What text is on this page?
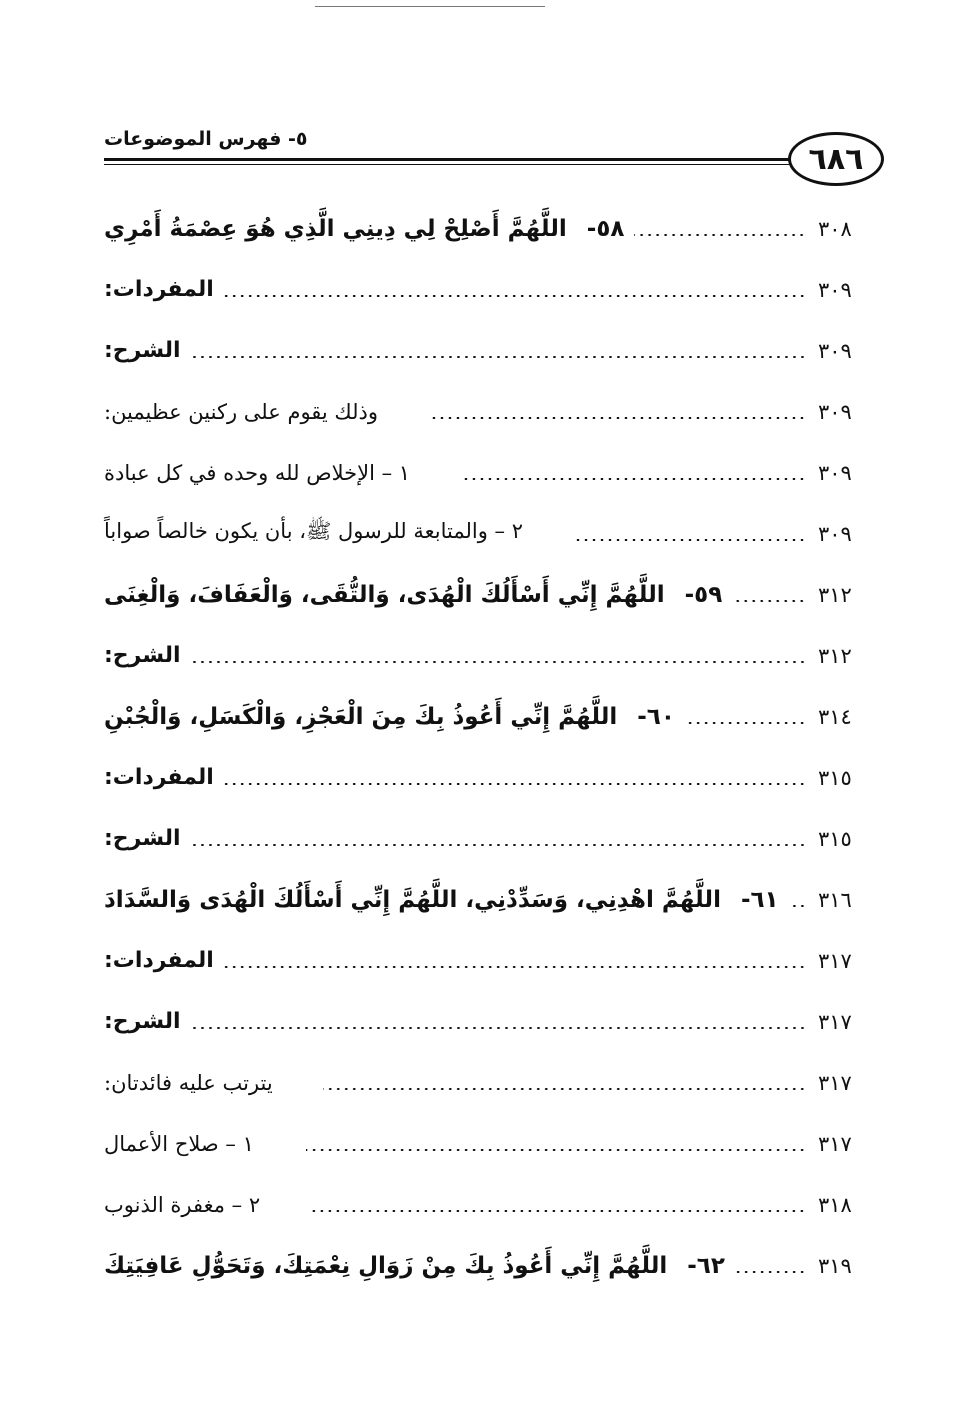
٦٨٦
٥- فهرس الموضوعات
٥٨-اللَّهُمَّ أَصْلِحْ لِي دِينِي الَّذِي هُوَ عِصْمَةُ أَمْرِي	٣٠٨
المفردات:	٣٠٩
الشرح:	٣٠٩
وذلك يقوم على ركنين عظيمين:	٣٠٩
١ – الإخلاص لله وحده في كل عبادة	٣٠٩
٢ – والمتابعة للرسول ﷺ، بأن يكون خالصاً صواباً	٣٠٩
٥٩-اللَّهُمَّ إِنِّي أَسْأَلُكَ الْهُدَى، وَالتُّقَى، وَالْعَفَافَ، وَالْغِنَى	٣١٢
الشرح:	٣١٢
٦٠-اللَّهُمَّ إِنِّي أَعُوذُ بِكَ مِنَ الْعَجْزِ، وَالْكَسَلِ، وَالْجُبْنِ	٣١٤
المفردات:	٣١٥
الشرح:	٣١٥
٦١-اللَّهُمَّ اهْدِنِي، وَسَدِّدْنِي، اللَّهُمَّ إِنِّي أَسْأَلُكَ الْهُدَى وَالسَّدَادَ	٣١٦
المفردات:	٣١٧
الشرح:	٣١٧
يترتب عليه فائدتان:	٣١٧
١ – صلاح الأعمال	٣١٧
٢ – مغفرة الذنوب	٣١٨
٦٢-اللَّهُمَّ إِنِّي أَعُوذُ بِكَ مِنْ زَوَالِ نِعْمَتِكَ، وَتَحَوُّلِ عَافِيَتِكَ	٣١٩
